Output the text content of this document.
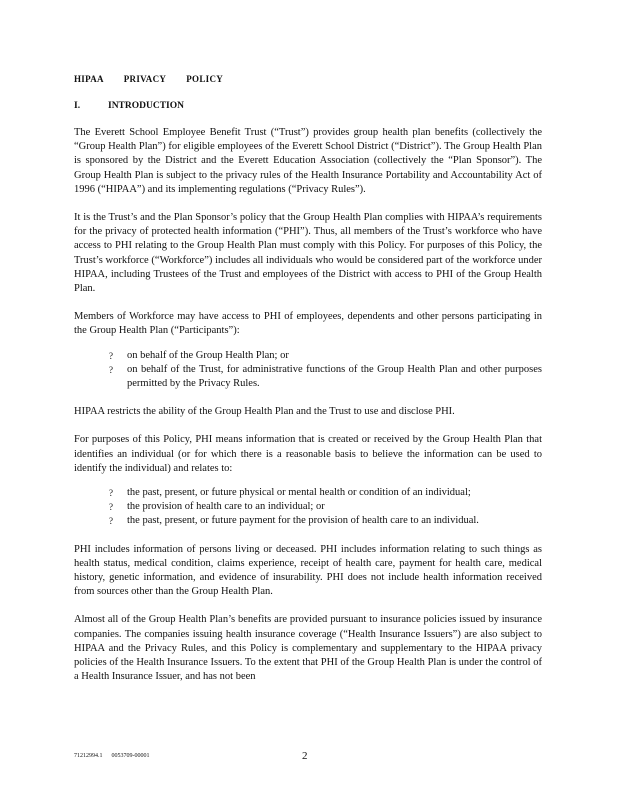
HIPAA        PRIVACY        POLICY
I.	INTRODUCTION

The Everett School Employee Benefit Trust (“Trust”) provides group health plan benefits (collectively the “Group Health Plan”) for eligible employees of the Everett School District (“District”). The Group Health Plan is sponsored by the District and the Everett Education Association (collectively the “Plan Sponsor”). The Group Health Plan is subject to the privacy rules of the Health Insurance Portability and Accountability Act of 1996 (“HIPAA”) and its implementing regulations (“Privacy Rules”).

It is the Trust’s and the Plan Sponsor’s policy that the Group Health Plan complies with HIPAA’s requirements for the privacy of protected health information (“PHI”). Thus, all members of the Trust’s workforce who have access to PHI relating to the Group Health Plan must comply with this Policy. For purposes of this Policy, the Trust’s workforce (“Workforce”) includes all individuals who would be considered part of the workforce under HIPAA, including Trustees of the Trust and employees of the District with access to PHI of the Group Health Plan.

Members of Workforce may have access to PHI of employees, dependents and other persons participating in the Group Health Plan (“Participants”):

? on behalf of the Group Health Plan; or
? on behalf of the Trust, for administrative functions of the Group Health Plan and other purposes permitted by the Privacy Rules.

HIPAA restricts the ability of the Group Health Plan and the Trust to use and disclose PHI.

For purposes of this Policy, PHI means information that is created or received by the Group Health Plan that identifies an individual (or for which there is a reasonable basis to believe the information can be used to identify the individual) and relates to:

? the past, present, or future physical or mental health or condition of an individual;
? the provision of health care to an individual; or
? the past, present, or future payment for the provision of health care to an individual.

PHI includes information of persons living or deceased. PHI includes information relating to such things as health status, medical condition, claims experience, receipt of health care, payment for health care, medical history, genetic information, and evidence of insurability. PHI does not include health information received from sources other than the Group Health Plan.

Almost all of the Group Health Plan’s benefits are provided pursuant to insurance policies issued by insurance companies. The companies issuing health insurance coverage (“Health Insurance Issuers”) are also subject to HIPAA and the Privacy Rules, and this Policy is complementary and supplementary to the HIPAA privacy policies of the Health Insurance Issuers. To the extent that PHI of the Group Health Plan is under the control of a Health Insurance Issuer, and has not been

71212994.1      0053709-00001	2
